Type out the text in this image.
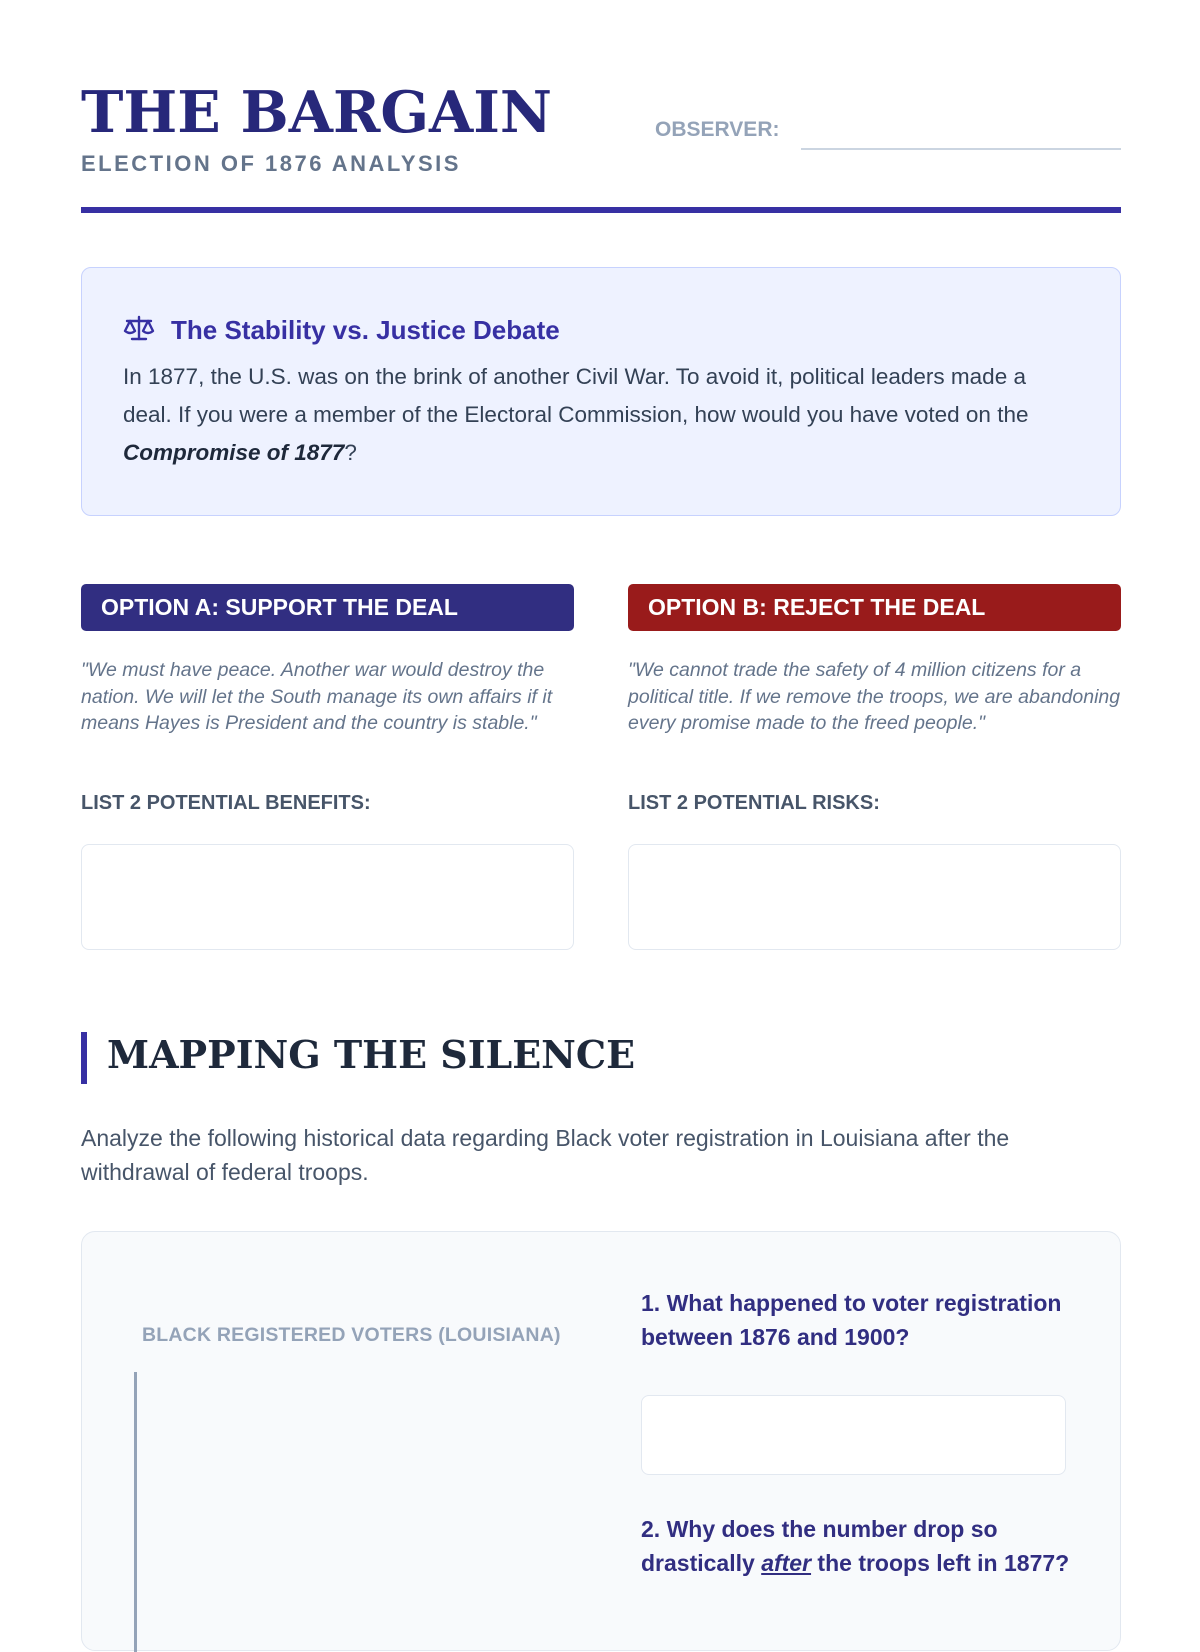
THE BARGAIN
ELECTION OF 1876 ANALYSIS
OBSERVER:
The Stability vs. Justice Debate
In 1877, the U.S. was on the brink of another Civil War. To avoid it, political leaders made a deal. If you were a member of the Electoral Commission, how would you have voted on the Compromise of 1877?
OPTION A: SUPPORT THE DEAL
"We must have peace. Another war would destroy the nation. We will let the South manage its own affairs if it means Hayes is President and the country is stable."
LIST 2 POTENTIAL BENEFITS:
OPTION B: REJECT THE DEAL
"We cannot trade the safety of 4 million citizens for a political title. If we remove the troops, we are abandoning every promise made to the freed people."
LIST 2 POTENTIAL RISKS:
MAPPING THE SILENCE
Analyze the following historical data regarding Black voter registration in Louisiana after the withdrawal of federal troops.
BLACK REGISTERED VOTERS (LOUISIANA)
1. What happened to voter registration between 1876 and 1900?
2. Why does the number drop so drastically after the troops left in 1877?
